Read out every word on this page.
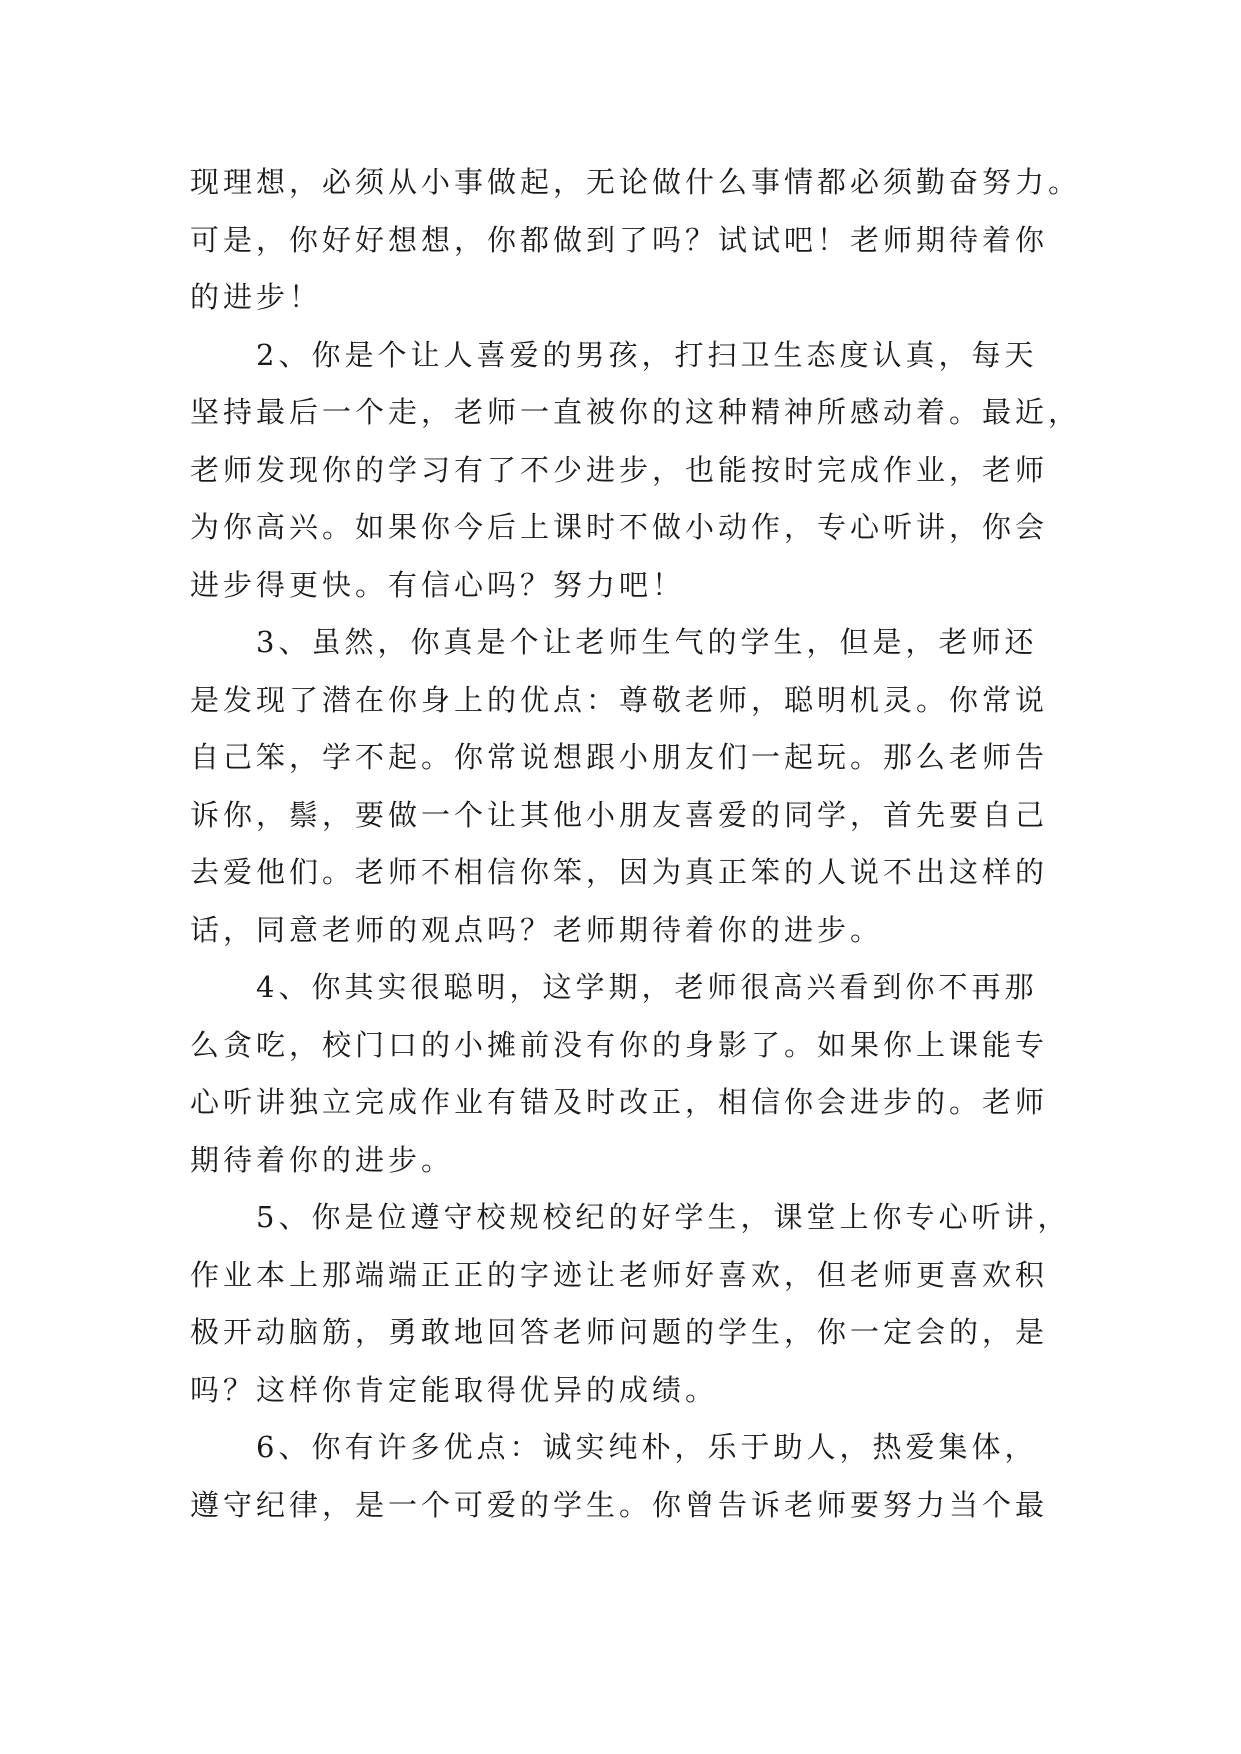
现理想，必须从小事做起，无论做什么事情都必须勤奋努力。
可是，你好好想想，你都做到了吗？试试吧！老师期待着你
的进步！
　　2、你是个让人喜爱的男孩，打扫卫生态度认真，每天
坚持最后一个走，老师一直被你的这种精神所感动着。最近，
老师发现你的学习有了不少进步，也能按时完成作业，老师
为你高兴。如果你今后上课时不做小动作，专心听讲，你会
进步得更快。有信心吗？努力吧！
　　3、虽然，你真是个让老师生气的学生，但是，老师还
是发现了潜在你身上的优点：尊敬老师，聪明机灵。你常说
自己笨，学不起。你常说想跟小朋友们一起玩。那么老师告
诉你，鬃，要做一个让其他小朋友喜爱的同学，首先要自己
去爱他们。老师不相信你笨，因为真正笨的人说不出这样的
话，同意老师的观点吗？老师期待着你的进步。
　　4、你其实很聪明，这学期，老师很高兴看到你不再那
么贪吃，校门口的小摊前没有你的身影了。如果你上课能专
心听讲独立完成作业有错及时改正，相信你会进步的。老师
期待着你的进步。
　　5、你是位遵守校规校纪的好学生，课堂上你专心听讲，
作业本上那端端正正的字迹让老师好喜欢，但老师更喜欢积
极开动脑筋，勇敢地回答老师问题的学生，你一定会的，是
吗？这样你肯定能取得优异的成绩。
　　6、你有许多优点：诚实纯朴，乐于助人，热爱集体，
遵守纪律，是一个可爱的学生。你曾告诉老师要努力当个最
